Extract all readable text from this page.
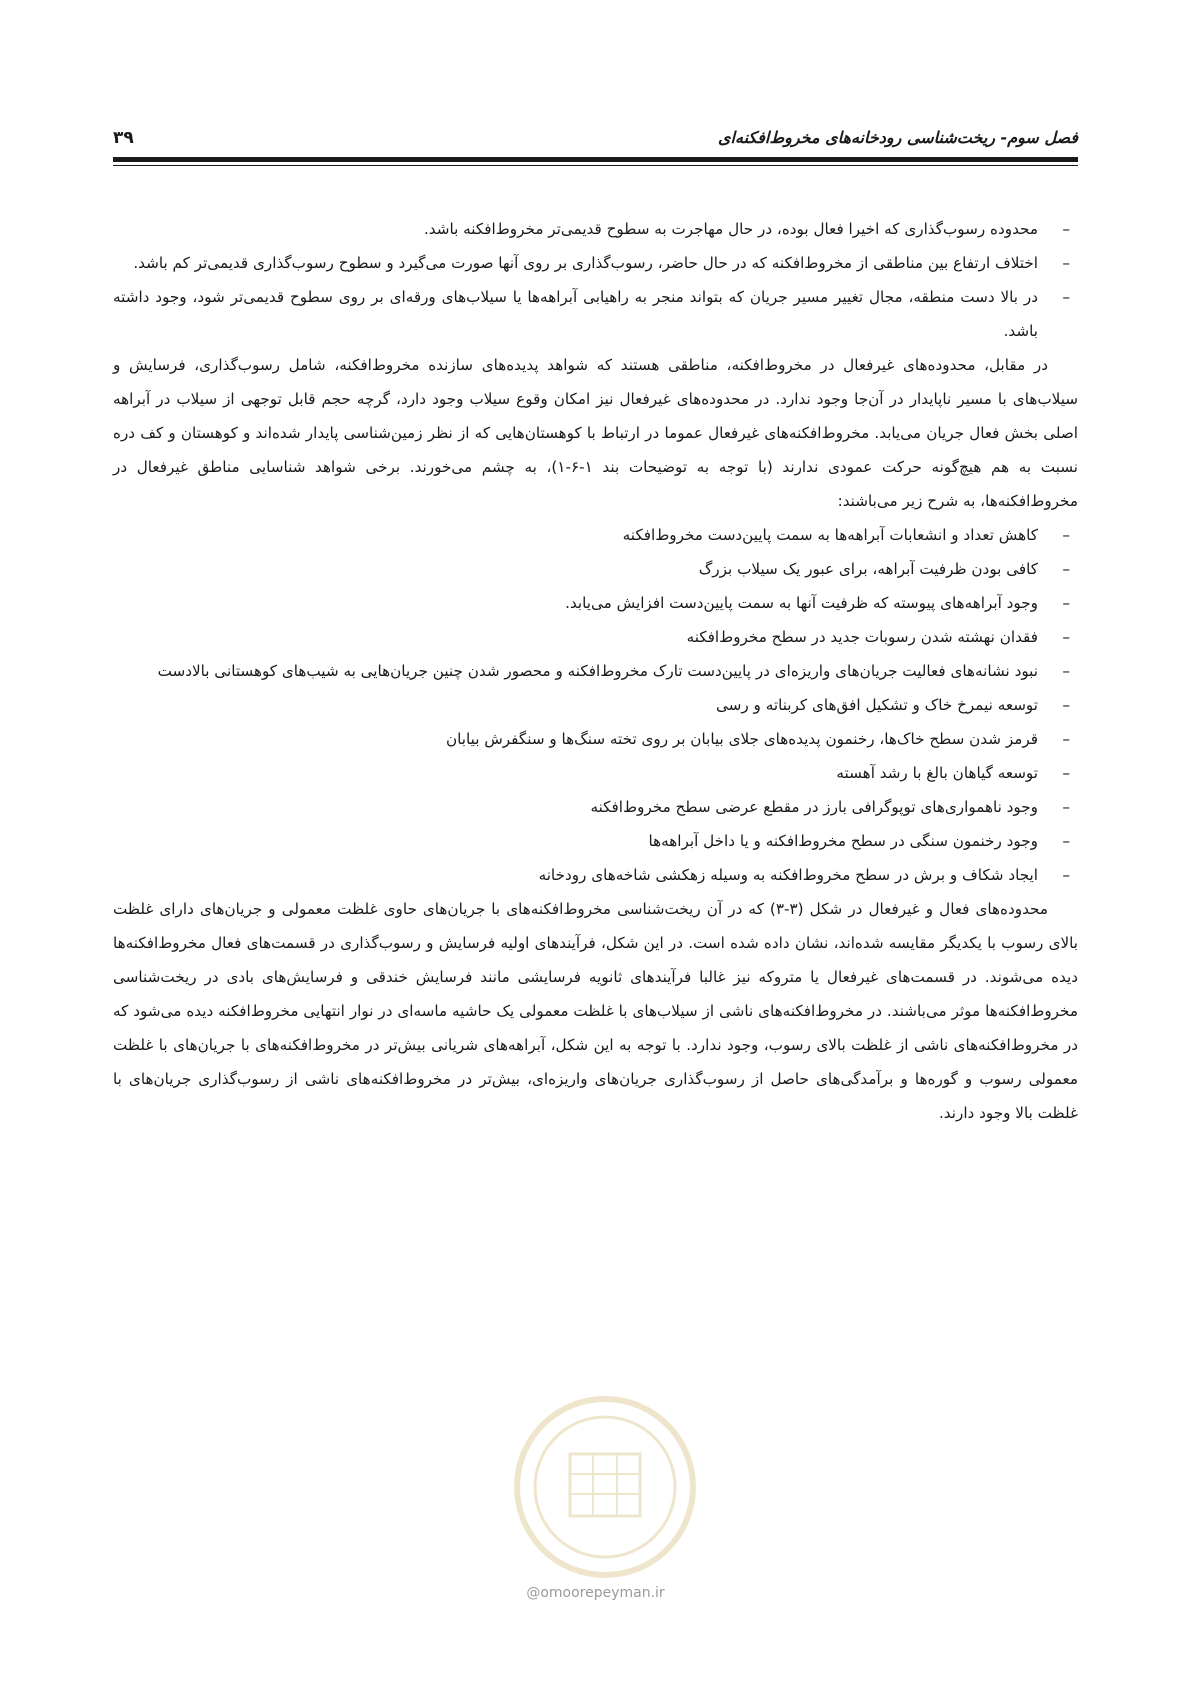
فصل سوم- ریخت‌شناسی رودخانه‌های مخروط‌افکنه‌ای
۳۹
–
محدوده رسوب‌گذاری که اخیرا فعال بوده، در حال مهاجرت به سطوح قدیمی‌تر مخروط‌افکنه باشد.
–
اختلاف ارتفاع بین مناطقی از مخروط‌افکنه که در حال حاضر، رسوب‌گذاری بر روی آنها صورت می‌گیرد و سطوح رسوب‌گذاری قدیمی‌تر کم باشد.
–
در بالا دست منطقه، مجال تغییر مسیر جریان که بتواند منجر به راهیابی آبراهه‌ها یا سیلاب‌های ورقه‌ای بر روی سطوح قدیمی‌تر شود، وجود داشته باشد.

در مقابل، محدوده‌های غیرفعال در مخروط‌افکنه، مناطقی هستند که شواهد پدیده‌های سازنده مخروط‌افکنه، شامل رسوب‌گذاری، فرسایش و سیلاب‌های با مسیر ناپایدار در آن‌جا وجود ندارد. در محدوده‌های غیرفعال نیز امکان وقوع سیلاب وجود دارد، گرچه حجم قابل توجهی از سیلاب در آبراهه اصلی بخش فعال جریان می‌یابد. مخروط‌افکنه‌های غیرفعال عموما در ارتباط با کوهستان‌هایی که از نظر زمین‌شناسی پایدار شده‌اند و کوهستان و کف دره نسبت به هم هیچ‌گونه حرکت عمودی ندارند (با توجه به توضیحات بند ۱-۶-۱)، به چشم می‌خورند. برخی شواهد شناسایی مناطق غیرفعال در مخروط‌افکنه‌ها، به شرح زیر می‌باشند:

–
کاهش تعداد و انشعابات آبراهه‌ها به سمت پایین‌دست مخروط‌افکنه
–
کافی بودن ظرفیت آبراهه، برای عبور یک سیلاب بزرگ
–
وجود آبراهه‌های پیوسته که ظرفیت آنها به سمت پایین‌دست افزایش می‌یابد.
–
فقدان نهشته شدن رسوبات جدید در سطح مخروط‌افکنه
–
نبود نشانه‌های فعالیت جریان‌های واریزه‌ای در پایین‌دست تارک مخروط‌افکنه و محصور شدن چنین جریان‌هایی به شیب‌های کوهستانی بالادست
–
توسعه نیمرخ خاک و تشکیل افق‌های کربناته و رسی
–
قرمز شدن سطح خاک‌ها، رخنمون پدیده‌های جلای بیابان بر روی تخته سنگ‌ها و سنگفرش بیابان
–
توسعه گیاهان بالغ با رشد آهسته
–
وجود ناهمواری‌های توپوگرافی بارز در مقطع عرضی سطح مخروط‌افکنه
–
وجود رخنمون سنگی در سطح مخروط‌افکنه و یا داخل آبراهه‌ها
–
ایجاد شکاف و برش در سطح مخروط‌افکنه به وسیله زهکشی شاخه‌های رودخانه

محدوده‌های فعال و غیرفعال در شکل (۳-۳) که در آن ریخت‌شناسی مخروط‌افکنه‌های با جریان‌های حاوی غلظت معمولی و جریان‌های دارای غلظت بالای رسوب با یکدیگر مقایسه شده‌اند، نشان داده شده است. در این شکل، فرآیندهای اولیه فرسایش و رسوب‌گذاری در قسمت‌های فعال مخروط‌افکنه‌ها دیده می‌شوند. در قسمت‌های غیرفعال یا متروکه نیز غالبا فرآیندهای ثانویه فرسایشی مانند فرسایش خندقی و فرسایش‌های بادی در ریخت‌شناسی مخروط‌افکنه‌ها موثر می‌باشند. در مخروط‌افکنه‌های ناشی از سیلاب‌های با غلظت معمولی یک حاشیه ماسه‌ای در نوار انتهایی مخروط‌افکنه دیده می‌شود که در مخروط‌افکنه‌های ناشی از غلظت بالای رسوب، وجود ندارد. با توجه به این شکل، آبراهه‌های شریانی بیش‌تر در مخروط‌افکنه‌های با جریان‌های با غلظت معمولی رسوب و گوره‌ها و برآمدگی‌های حاصل از رسوب‌گذاری جریان‌های واریزه‌ای، بیش‌تر در مخروط‌افکنه‌های ناشی از رسوب‌گذاری جریان‌های با غلظت بالا وجود دارند.

@omoorepeyman.ir
